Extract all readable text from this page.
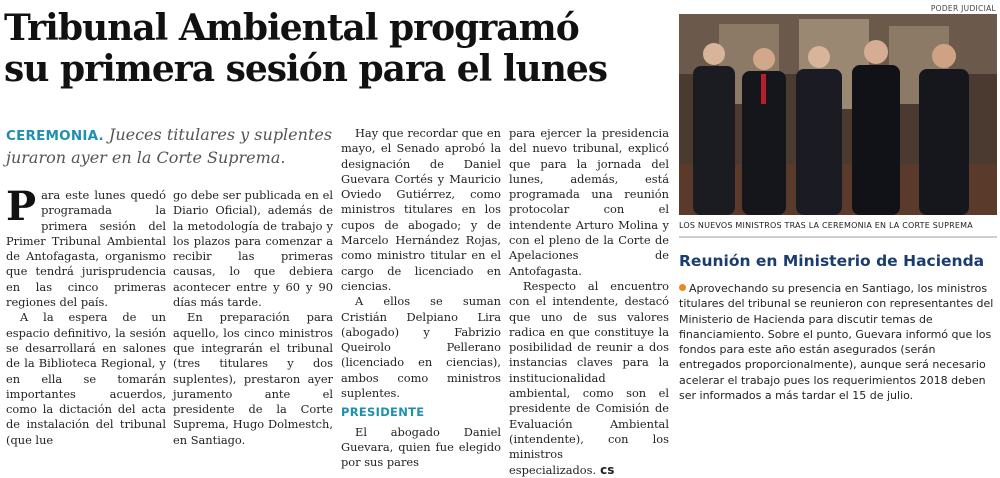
PODER JUDICIAL
Tribunal Ambiental programó
su primera sesión para el lunes
CEREMONIA. Jueces titulares y suplentes juraron ayer en la Corte Suprema.

Para este lunes quedó programada la primera sesión del Primer Tribunal Ambiental de Antofagasta, organismo que tendrá jurisprudencia en las cinco primeras regiones del país.

A la espera de un espacio definitivo, la sesión se desarrollará en salones de la Biblioteca Regional, y en ella se tomarán importantes acuerdos, como la dictación del acta de instalación del tribunal (que lue

go debe ser publicada en el Diario Oficial), además de la metodología de trabajo y los plazos para comenzar a recibir las primeras causas, lo que debiera acontecer entre y 60 y 90 días más tarde.

En preparación para aquello, los cinco ministros que integrarán el tribunal (tres titulares y dos suplentes), prestaron ayer juramento ante el presidente de la Corte Suprema, Hugo Dolmestch, en Santiago.

Hay que recordar que en mayo, el Senado aprobó la designación de Daniel Guevara Cortés y Mauricio Oviedo Gutiérrez, como ministros titulares en los cupos de abogado; y de Marcelo Hernández Rojas, como ministro titular en el cargo de licenciado en ciencias.

A ellos se suman Cristián Delpiano Lira (abogado) y Fabrizio Queirolo Pellerano (licenciado en ciencias), ambos como ministros suplentes.

PRESIDENTE

El abogado Daniel Guevara, quien fue elegido por sus pares

para ejercer la presidencia del nuevo tribunal, explicó que para la jornada del lunes, además, está programada una reunión protocolar con el intendente Arturo Molina y con el pleno de la Corte de Apelaciones de Antofagasta.

Respecto al encuentro con el intendente, destacó que uno de sus valores radica en que constituye la posibilidad de reunir a dos instancias claves para la institucionalidad ambiental, como son el presidente de Comisión de Evaluación Ambiental (intendente), con los ministros especializados. cs

LOS NUEVOS MINISTROS TRAS LA CEREMONIA EN LA CORTE SUPREMA
Reunión en Ministerio de Hacienda
Aprovechando su presencia en Santiago, los ministros titulares del tribunal se reunieron con representantes del Ministerio de Hacienda para discutir temas de financiamiento. Sobre el punto, Guevara informó que los fondos para este año están asegurados (serán entregados proporcionalmente), aunque será necesario acelerar el trabajo pues los requerimientos 2018 deben ser informados a más tardar el 15 de julio.
